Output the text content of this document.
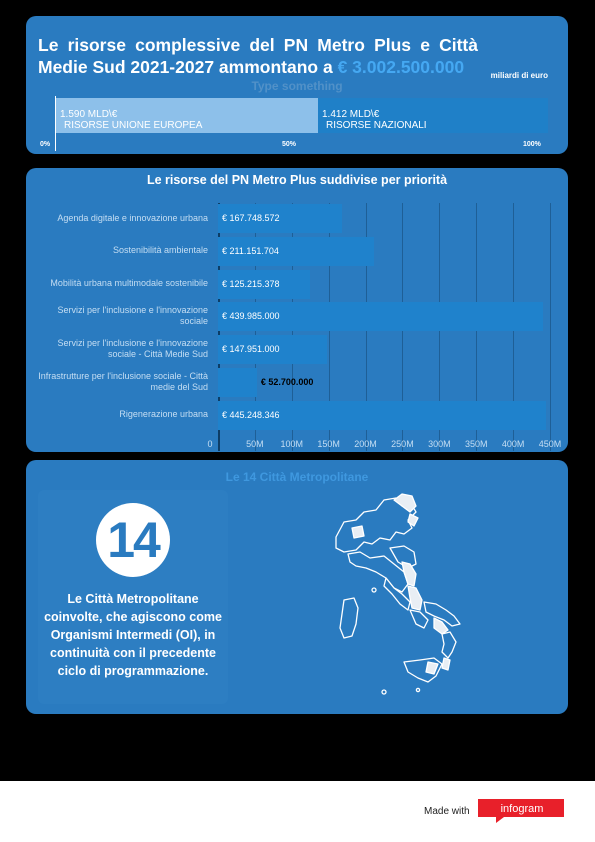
Le risorse complessive del PN Metro Plus e Città Medie Sud 2021-2027 ammontano a € 3.002.500.000	miliardi di euro
Type something
1.590 MLD\€
RISORSE UNIONE EUROPEA
1.412 MLD\€
RISORSE NAZIONALI
0%	50%	100%
Le risorse del PN Metro Plus suddivise per priorità
0	50M	100M	150M	200M	250M	300M	350M	400M	450M
Agenda digitale e innovazione urbana € 167.748.572
Sostenibilità ambientale € 211.151.704
Mobilità urbana multimodale sostenibile € 125.215.378
Servizi per l'inclusione e l'innovazione sociale € 439.985.000
Servizi per l'inclusione e l'innovazione sociale - Città Medie Sud € 147.951.000
Infrastrutture per l'inclusione sociale - Città medie del Sud	€ 52.700.000
Rigenerazione urbana € 445.248.346
Le 14 Città Metropolitane
14
Le Città Metropolitane coinvolte, che agiscono come Organismi Intermedi (OI), in continuità con il precedente ciclo di programmazione.
Made with	infogram
